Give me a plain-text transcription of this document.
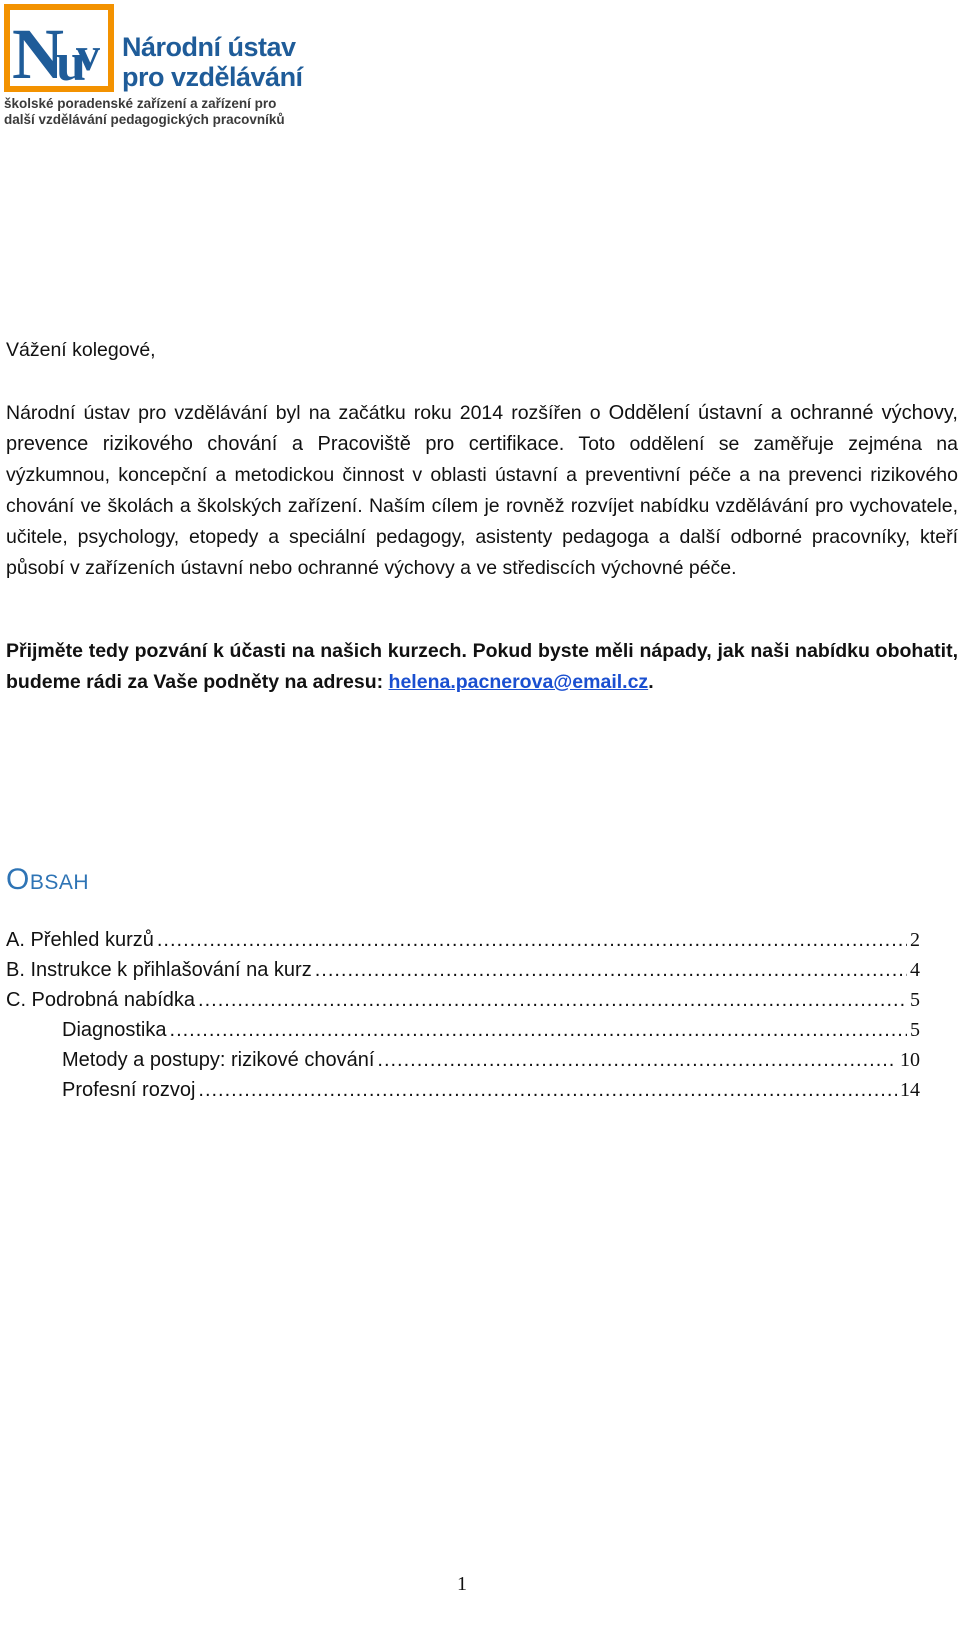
N
u
v Národní ústav
pro vzdělávání
školské poradenské zařízení a zařízení pro
další vzdělávání pedagogických pracovníků
Vážení kolegové,
Národní ústav pro vzdělávání byl na začátku roku 2014 rozšířen o Oddělení ústavní a ochranné výchovy, prevence rizikového chování a Pracoviště pro certifikace. Toto oddělení se zaměřuje zejména na výzkumnou, koncepční a metodickou činnost v oblasti ústavní a preventivní péče a na prevenci rizikového chování ve školách a školských zařízení. Naším cílem je rovněž rozvíjet nabídku vzdělávání pro vychovatele, učitele, psychology, etopedy a speciální pedagogy, asistenty pedagoga a další odborné pracovníky, kteří působí v zařízeních ústavní nebo ochranné výchovy a ve střediscích výchovné péče.
Přijměte tedy pozvání k účasti na našich kurzech. Pokud byste měli nápady, jak naši nabídku obohatit, budeme rádi za Vaše podněty na adresu: helena.pacnerova@email.cz.
Obsah
A. Přehled kurzů .....	2
B. Instrukce k přihlašování na kurz .....	4
C. Podrobná nabídka .....	5
Diagnostika .....	5
Metody a postupy: rizikové chování .....	10
Profesní rozvoj .....	14
1
